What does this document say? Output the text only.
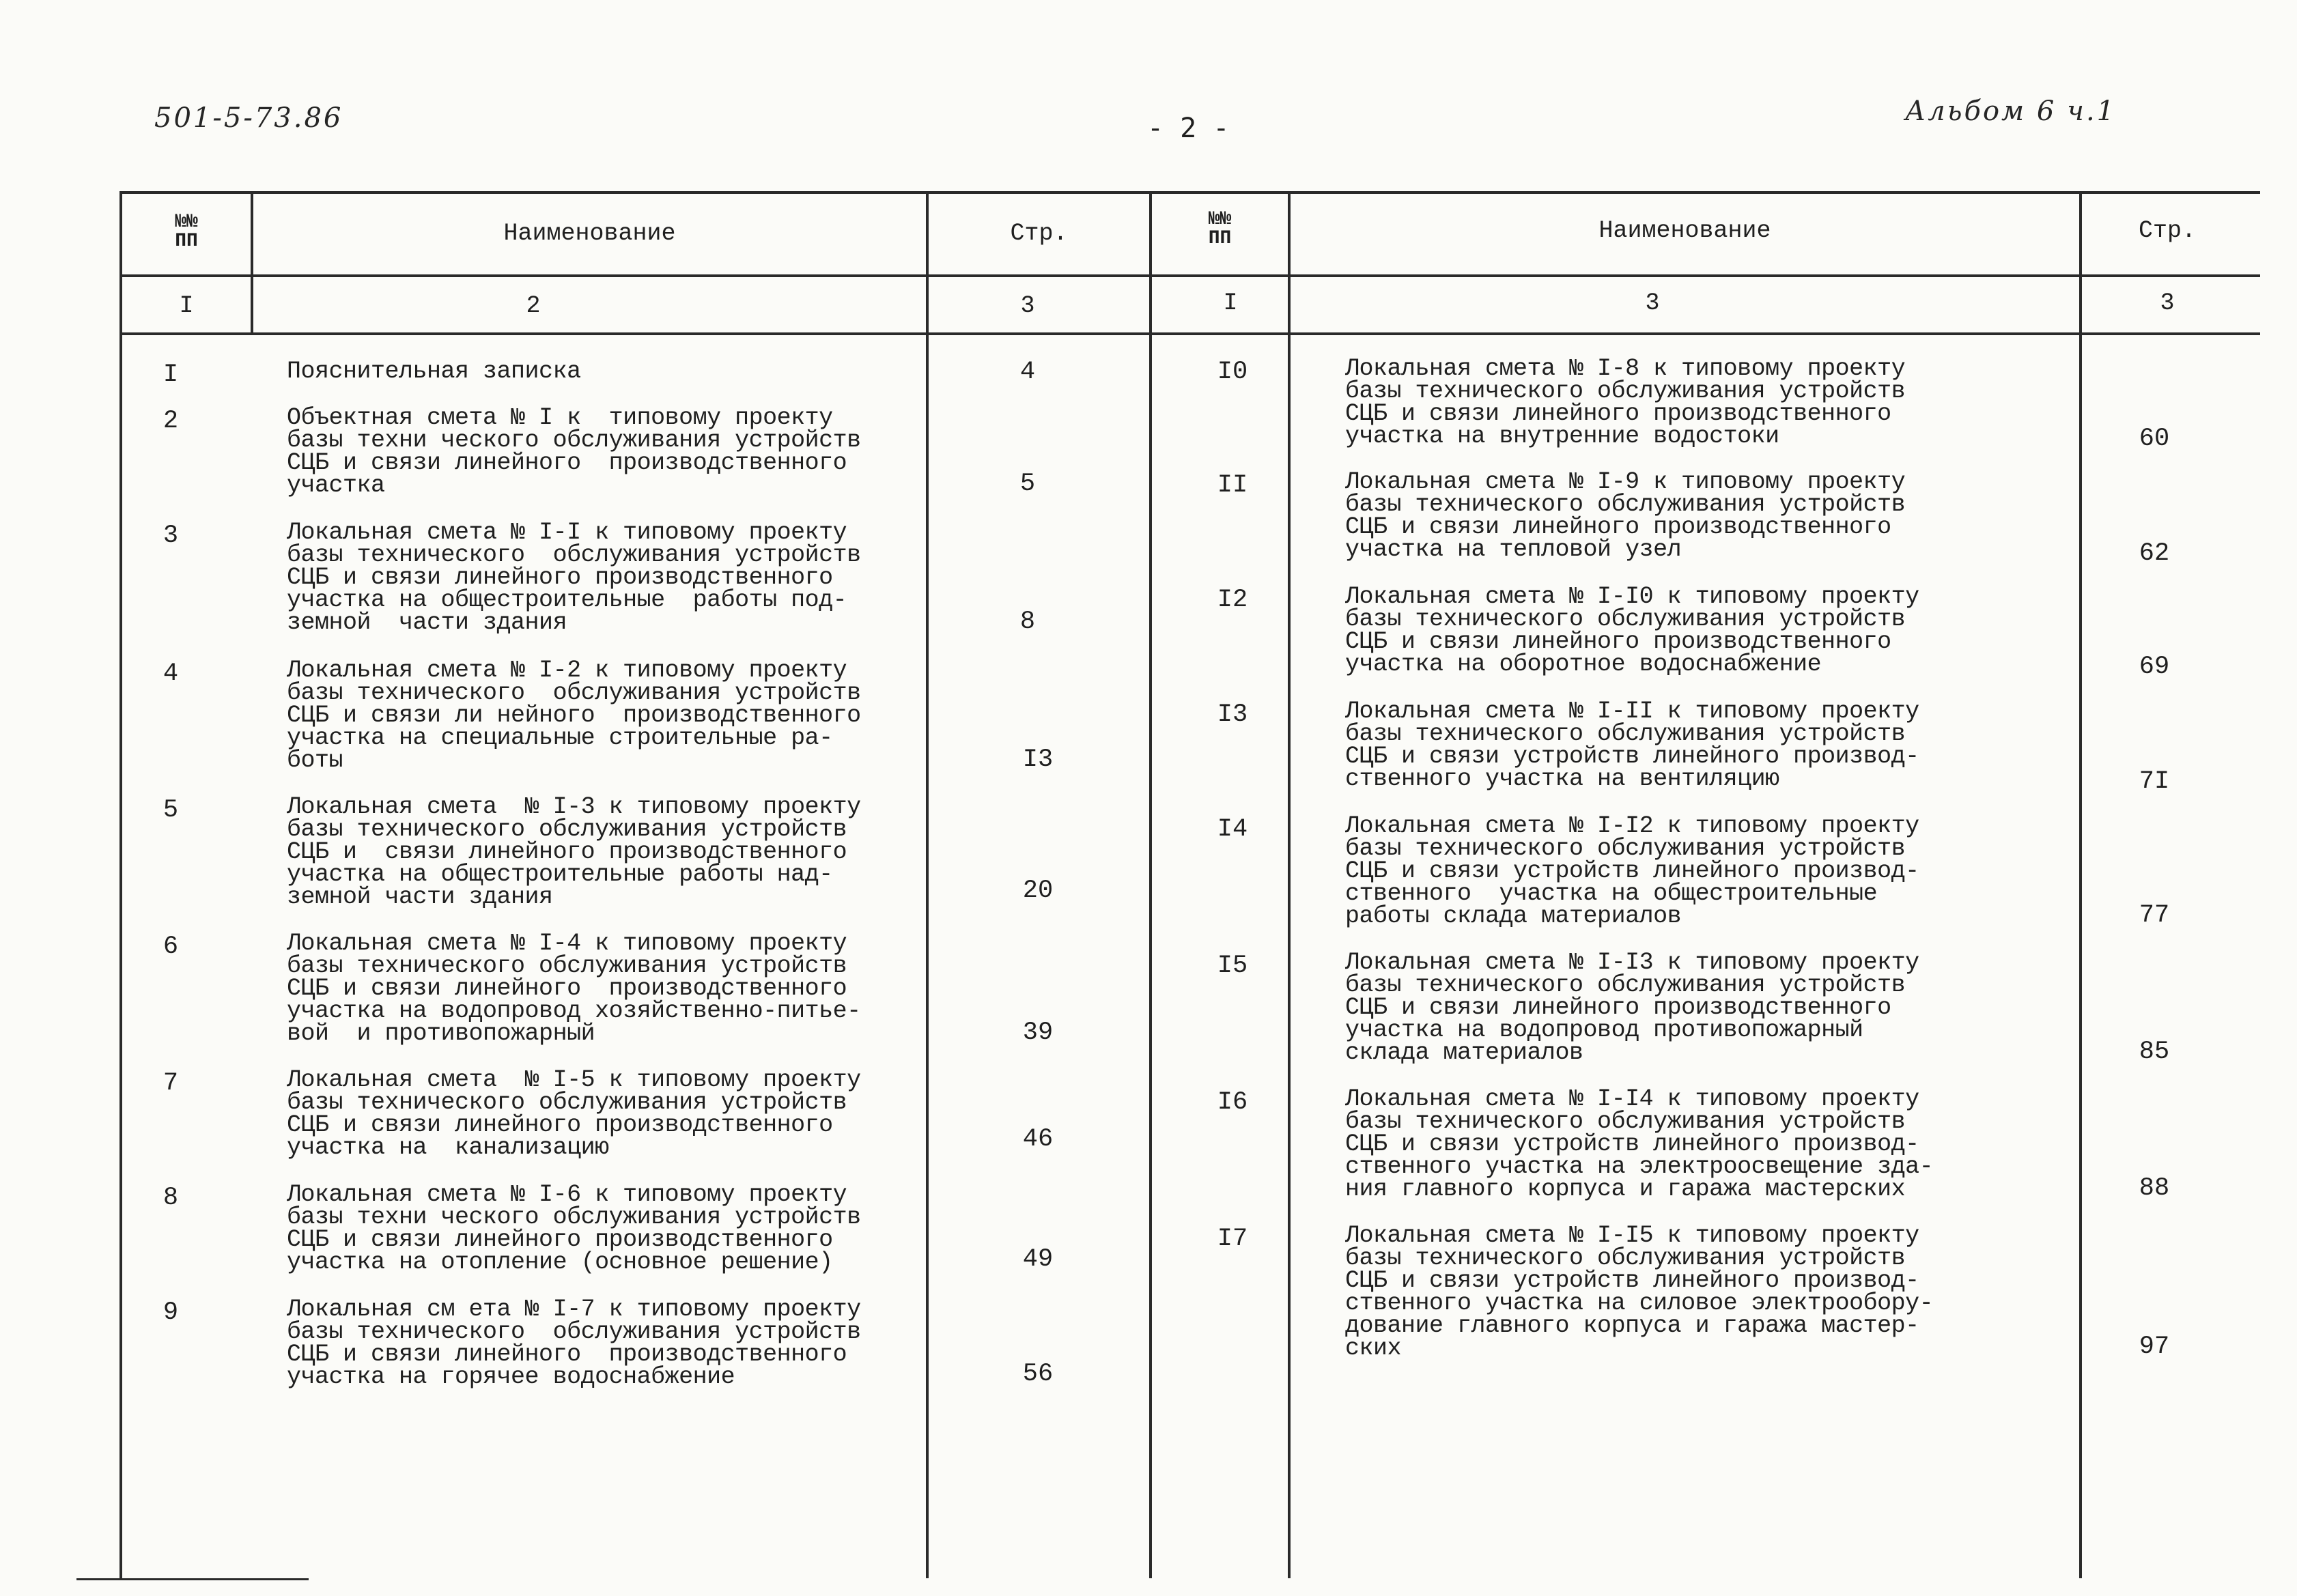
501-5-73.86	- 2 -
Альбом 6 ч.1
№№
ПП	Наименование	Стр.
№№
ПП	Наименование	Стр.
I	2	3	I	3	3
I	Пояснительная записка	4
2	Объектная смета № I к  типовому проекту
базы техни ческого обслуживания устройств
СЦБ и связи линейного  производственного
участка	5
3	Локальная смета № I-I к типовому проекту
базы технического  обслуживания устройств
СЦБ и связи линейного производственного
участка на общестроительные  работы под-
земной  части здания	8
4	Локальная смета № I-2 к типовому проекту
базы технического  обслуживания устройств
СЦБ и связи ли нейного  производственного
участка на специальные строительные ра-
боты	I3
5	Локальная смета  № I-3 к типовому проекту
базы технического обслуживания устройств
СЦБ и  связи линейного производственного
участка на общестроительные работы над-
земной части здания	20
6	Локальная смета № I-4 к типовому проекту
базы технического обслуживания устройств
СЦБ и связи линейного  производственного
участка на водопровод хозяйственно-питье-
вой  и противопожарный	39
7	Локальная смета  № I-5 к типовому проекту
базы технического обслуживания устройств
СЦБ и связи линейного производственного
участка на  канализацию	46
8	Локальная смета № I-6 к типовому проекту
базы техни ческого обслуживания устройств
СЦБ и связи линейного производственного
участка на отопление (основное решение)	49
9	Локальная см ета № I-7 к типовому проекту
базы технического  обслуживания устройств
СЦБ и связи линейного  производственного
участка на горячее водоснабжение	56
I0	Локальная смета № I-8 к типовому проекту
базы технического обслуживания устройств
СЦБ и связи линейного производственного
участка на внутренние водостоки	60
II	Локальная смета № I-9 к типовому проекту
базы технического обслуживания устройств
СЦБ и связи линейного производственного
участка на тепловой узел	62
I2	Локальная смета № I-I0 к типовому проекту
базы технического обслуживания устройств
СЦБ и связи линейного производственного
участка на оборотное водоснабжение	69
I3	Локальная смета № I-II к типовому проекту
базы технического обслуживания устройств
СЦБ и связи устройств линейного производ-
ственного участка на вентиляцию	7I
I4	Локальная смета № I-I2 к типовому проекту
базы технического обслуживания устройств
СЦБ и связи устройств линейного производ-
ственного  участка на общестроительные
работы склада материалов	77
I5	Локальная смета № I-I3 к типовому проекту
базы технического обслуживания устройств
СЦБ и связи линейного производственного
участка на водопровод противопожарный
склада материалов	85
I6	Локальная смета № I-I4 к типовому проекту
базы технического обслуживания устройств
СЦБ и связи устройств линейного производ-
ственного участка на электроосвещение зда-
ния главного корпуса и гаража мастерских	88
I7	Локальная смета № I-I5 к типовому проекту
базы технического обслуживания устройств
СЦБ и связи устройств линейного производ-
ственного участка на силовое электрообору-
дование главного корпуса и гаража мастер-
ских	97
